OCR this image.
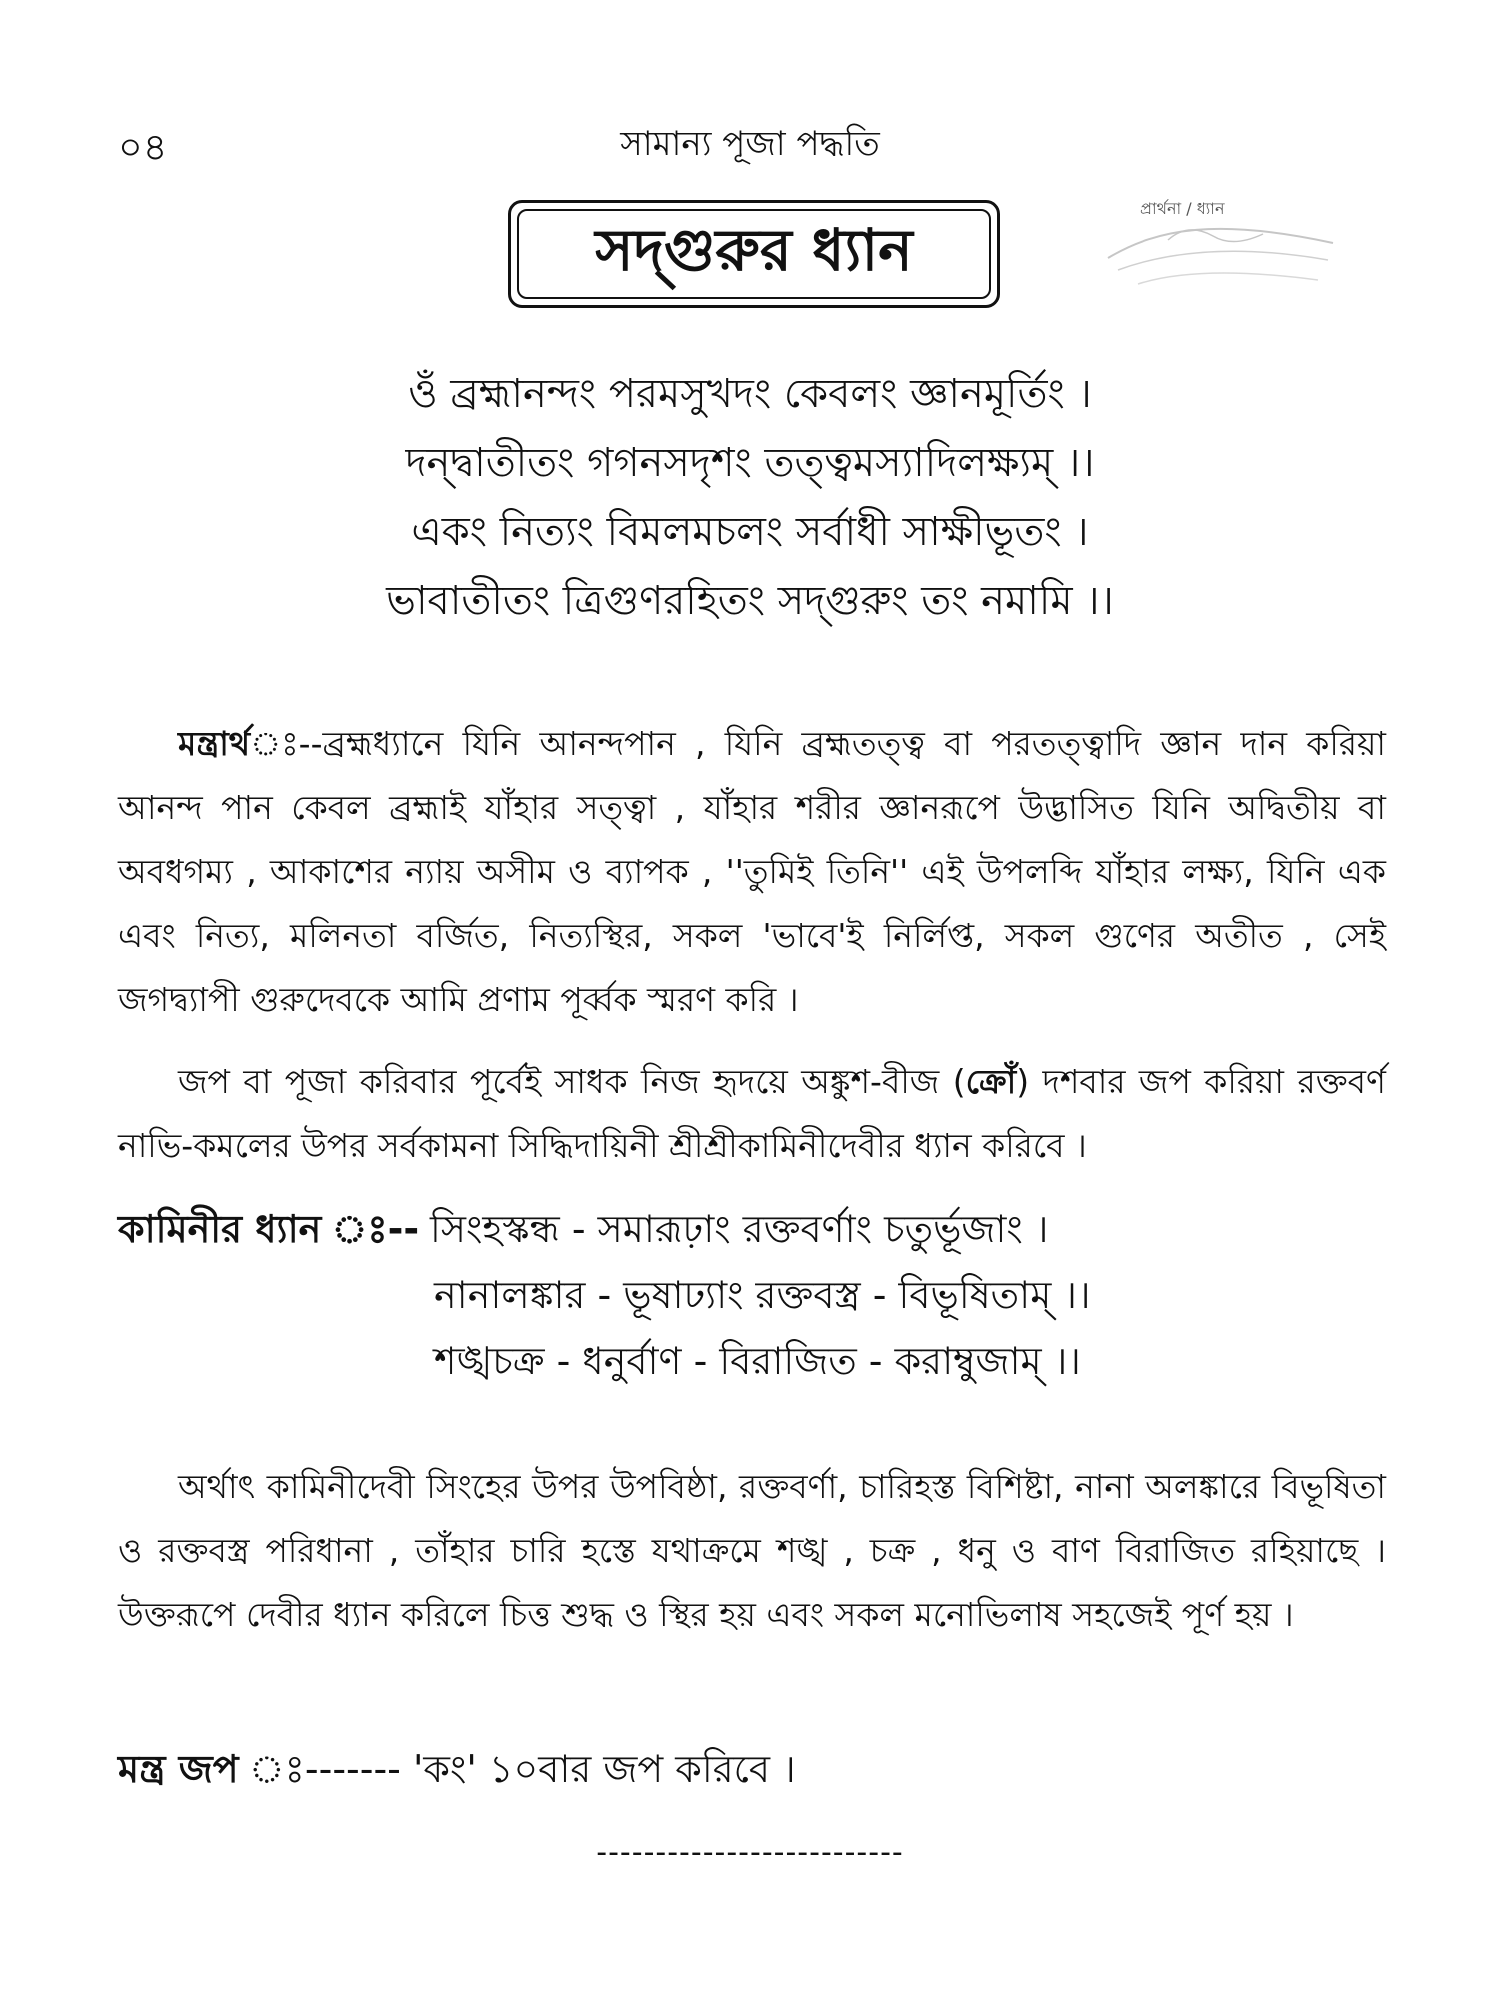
০৪	সামান্য পূজা পদ্ধতি
সদ্গুরুর ধ্যান
প্রার্থনা / ধ্যান
ওঁ ব্রহ্মানন্দং পরমসুখদং কেবলং জ্ঞানমূর্তিং ।
দন্দ্বাতীতং গগনসদৃশং তত্ত্বমস্যাদিলক্ষ্যম্ ।।
একং নিত্যং বিমলমচলং সর্বাধী সাক্ষীভূতং ।
ভাবাতীতং ত্রিগুণরহিতং সদ্গুরুং তং নমামি ।।
মন্ত্রার্থঃ--ব্রহ্মধ্যানে যিনি আনন্দপান , যিনি ব্রহ্মতত্ত্ব বা পরতত্ত্বাদি জ্ঞান দান করিয়া আনন্দ পান কেবল ব্রহ্মাই যাঁহার সত্ত্বা , যাঁহার শরীর জ্ঞানরূপে উদ্ভাসিত যিনি অদ্বিতীয় বা অবধগম্য , আকাশের ন্যায় অসীম ও ব্যাপক , ''তুমিই তিনি'' এই উপলব্দি যাঁহার লক্ষ্য, যিনি এক এবং নিত্য, মলিনতা বর্জিত, নিত্যস্থির, সকল 'ভাবে'ই নির্লিপ্ত, সকল গুণের অতীত , সেই জগদ্ব্যাপী গুরুদেবকে আমি প্রণাম পূর্ব্বক স্মরণ করি ।
জপ বা পূজা করিবার পূর্বেই সাধক নিজ হৃদয়ে অঙ্কুশ-বীজ (ক্রোঁ) দশবার জপ করিয়া রক্তবর্ণ নাভি-কমলের উপর সর্বকামনা সিদ্ধিদায়িনী শ্রীশ্রীকামিনীদেবীর ধ্যান করিবে ।
কামিনীর ধ্যান ঃ-- সিংহস্কন্ধ - সমারূঢ়াং রক্তবর্ণাং চতুর্ভূজাং ।
নানালঙ্কার - ভূষাঢ্যাং রক্তবস্ত্র - বিভূষিতাম্ ।।
শঙ্খচক্র - ধনুর্বাণ - বিরাজিত - করাম্বুজাম্ ।।
অর্থাৎ কামিনীদেবী সিংহের উপর উপবিষ্ঠা, রক্তবর্ণা, চারিহস্ত বিশিষ্টা, নানা অলঙ্কারে বিভূষিতা ও রক্তবস্ত্র পরিধানা , তাঁহার চারি হস্তে যথাক্রমে শঙ্খ , চক্র , ধনু ও বাণ বিরাজিত রহিয়াছে । উক্তরূপে দেবীর ধ্যান করিলে চিত্ত শুদ্ধ ও স্থির হয় এবং সকল মনোভিলাষ সহজেই পূর্ণ হয় ।
মন্ত্র জপ ঃ------- 'কং' ১০বার জপ করিবে ।
--------------------------
